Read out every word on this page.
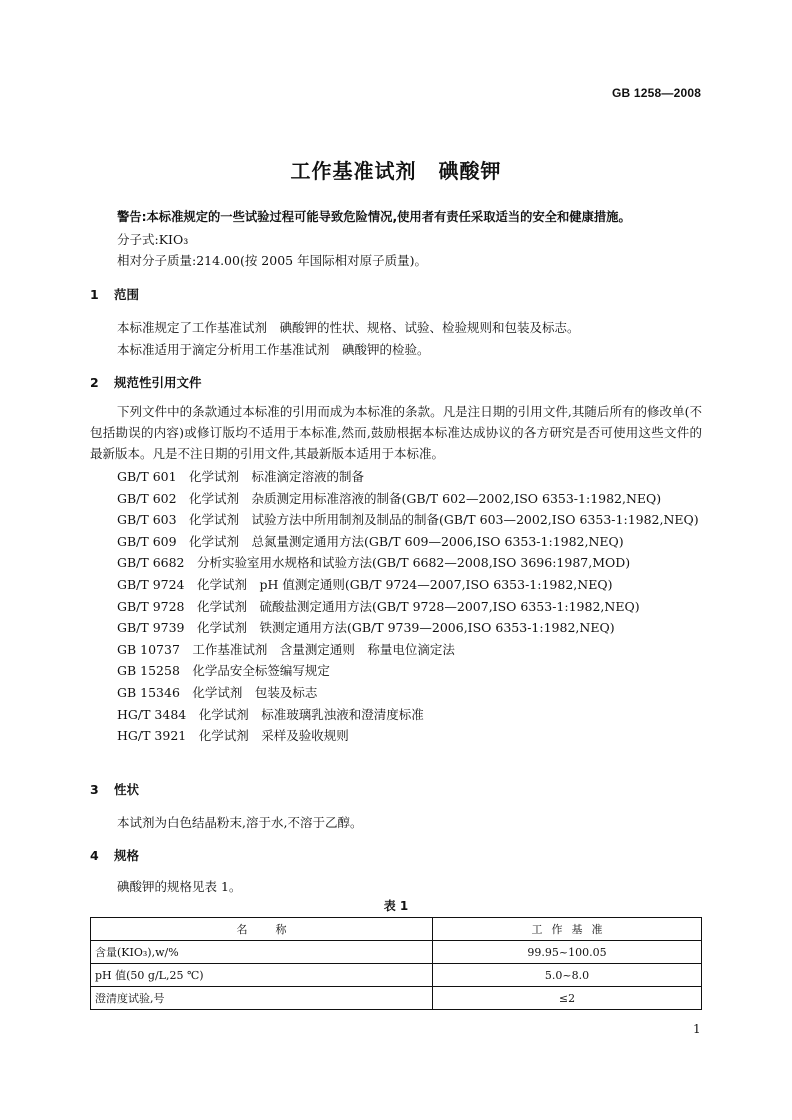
GB 1258—2008
工作基准试剂 碘酸钾
警告:本标准规定的一些试验过程可能导致危险情况,使用者有责任采取适当的安全和健康措施。
分子式:KIO₃
相对分子质量:214.00(按 2005 年国际相对原子质量)。
1 范围
本标准规定了工作基准试剂　碘酸钾的性状、规格、试验、检验规则和包装及标志。
本标准适用于滴定分析用工作基准试剂　碘酸钾的检验。
2 规范性引用文件
下列文件中的条款通过本标准的引用而成为本标准的条款。凡是注日期的引用文件,其随后所有的修改单(不包括勘误的内容)或修订版均不适用于本标准,然而,鼓励根据本标准达成协议的各方研究是否可使用这些文件的最新版本。凡是不注日期的引用文件,其最新版本适用于本标准。
GB/T 601　化学试剂　标准滴定溶液的制备
GB/T 602　化学试剂　杂质测定用标准溶液的制备(GB/T 602—2002,ISO 6353-1:1982,NEQ)
GB/T 603　化学试剂　试验方法中所用制剂及制品的制备(GB/T 603—2002,ISO 6353-1:1982,NEQ)
GB/T 609　化学试剂　总氮量测定通用方法(GB/T 609—2006,ISO 6353-1:1982,NEQ)
GB/T 6682　分析实验室用水规格和试验方法(GB/T 6682—2008,ISO 3696:1987,MOD)
GB/T 9724　化学试剂　pH 值测定通则(GB/T 9724—2007,ISO 6353-1:1982,NEQ)
GB/T 9728　化学试剂　硫酸盐测定通用方法(GB/T 9728—2007,ISO 6353-1:1982,NEQ)
GB/T 9739　化学试剂　铁测定通用方法(GB/T 9739—2006,ISO 6353-1:1982,NEQ)
GB 10737　工作基准试剂　含量测定通则　称量电位滴定法
GB 15258　化学品安全标签编写规定
GB 15346　化学试剂　包装及标志
HG/T 3484　化学试剂　标准玻璃乳浊液和澄清度标准
HG/T 3921　化学试剂　采样及验收规则
3 性状
本试剂为白色结晶粉末,溶于水,不溶于乙醇。
4 规格
碘酸钾的规格见表 1。
表 1
名称	工作基准
含量(KIO₃),w/%	99.95~100.05
pH 值(50 g/L,25 ℃)	5.0~8.0
澄清度试验,号	≤2
1
